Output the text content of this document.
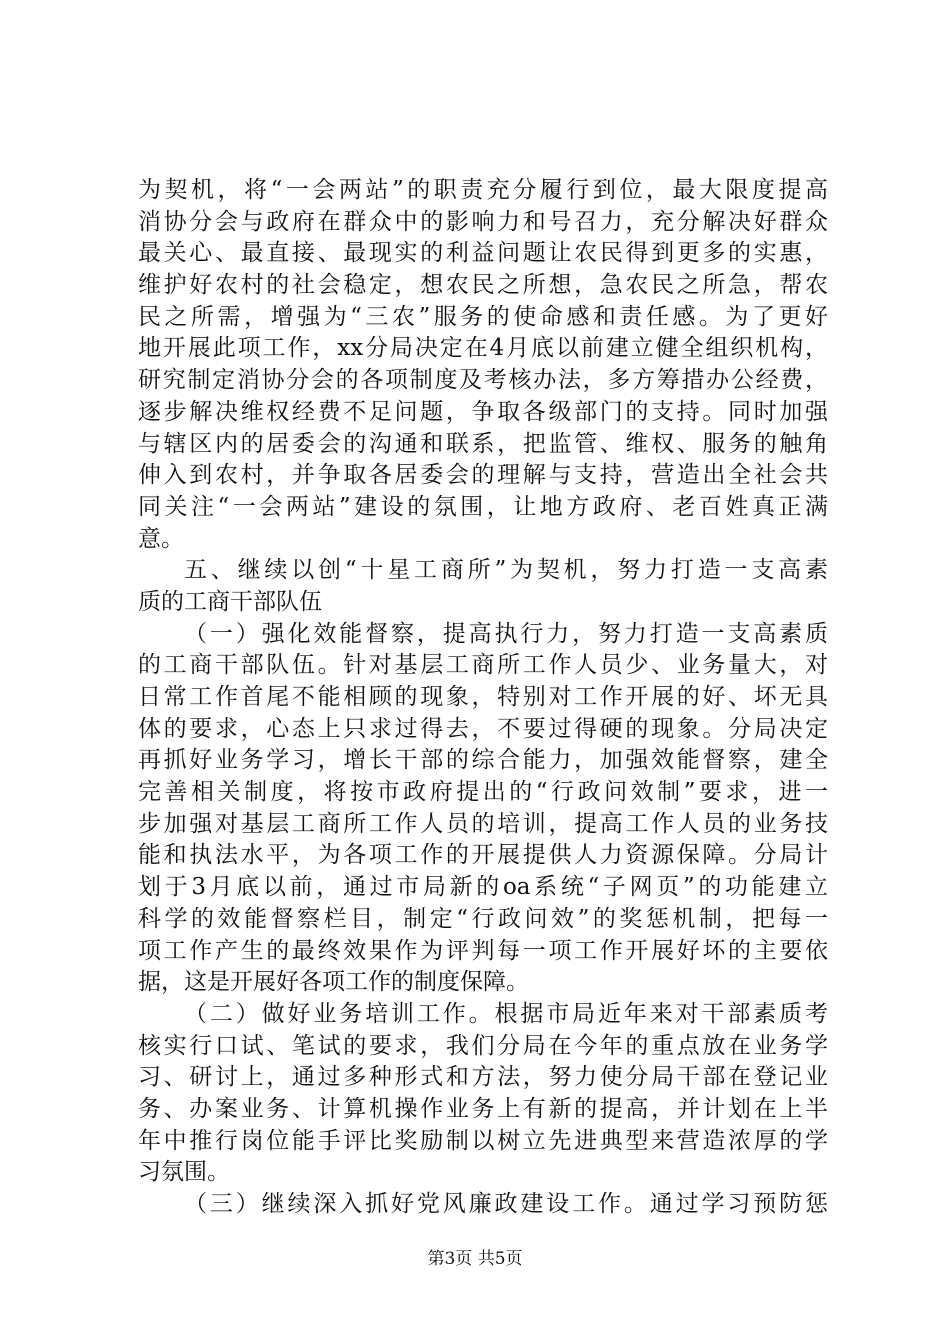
为契机，将“一会两站”的职责充分履行到位，最大限度提高
消协分会与政府在群众中的影响力和号召力，充分解决好群众
最关心、最直接、最现实的利益问题让农民得到更多的实惠，
维护好农村的社会稳定，想农民之所想，急农民之所急，帮农
民之所需，增强为“三农”服务的使命感和责任感。为了更好
地开展此项工作，xx分局决定在4月底以前建立健全组织机构，
研究制定消协分会的各项制度及考核办法，多方筹措办公经费，
逐步解决维权经费不足问题，争取各级部门的支持。同时加强
与辖区内的居委会的沟通和联系，把监管、维权、服务的触角
伸入到农村，并争取各居委会的理解与支持，营造出全社会共
同关注“一会两站”建设的氛围，让地方政府、老百姓真正满
意。
五、继续以创“十星工商所”为契机，努力打造一支高素
质的工商干部队伍
（一）强化效能督察，提高执行力，努力打造一支高素质
的工商干部队伍。针对基层工商所工作人员少、业务量大，对
日常工作首尾不能相顾的现象，特别对工作开展的好、坏无具
体的要求，心态上只求过得去，不要过得硬的现象。分局决定
再抓好业务学习，增长干部的综合能力，加强效能督察，建全
完善相关制度，将按市政府提出的“行政问效制”要求，进一
步加强对基层工商所工作人员的培训，提高工作人员的业务技
能和执法水平，为各项工作的开展提供人力资源保障。分局计
划于3月底以前，通过市局新的oa系统“子网页”的功能建立
科学的效能督察栏目，制定“行政问效”的奖惩机制，把每一
项工作产生的最终效果作为评判每一项工作开展好坏的主要依
据，这是开展好各项工作的制度保障。
（二）做好业务培训工作。根据市局近年来对干部素质考
核实行口试、笔试的要求，我们分局在今年的重点放在业务学
习、研讨上，通过多种形式和方法，努力使分局干部在登记业
务、办案业务、计算机操作业务上有新的提高，并计划在上半
年中推行岗位能手评比奖励制以树立先进典型来营造浓厚的学
习氛围。
（三）继续深入抓好党风廉政建设工作。通过学习预防惩
第3页 共5页
